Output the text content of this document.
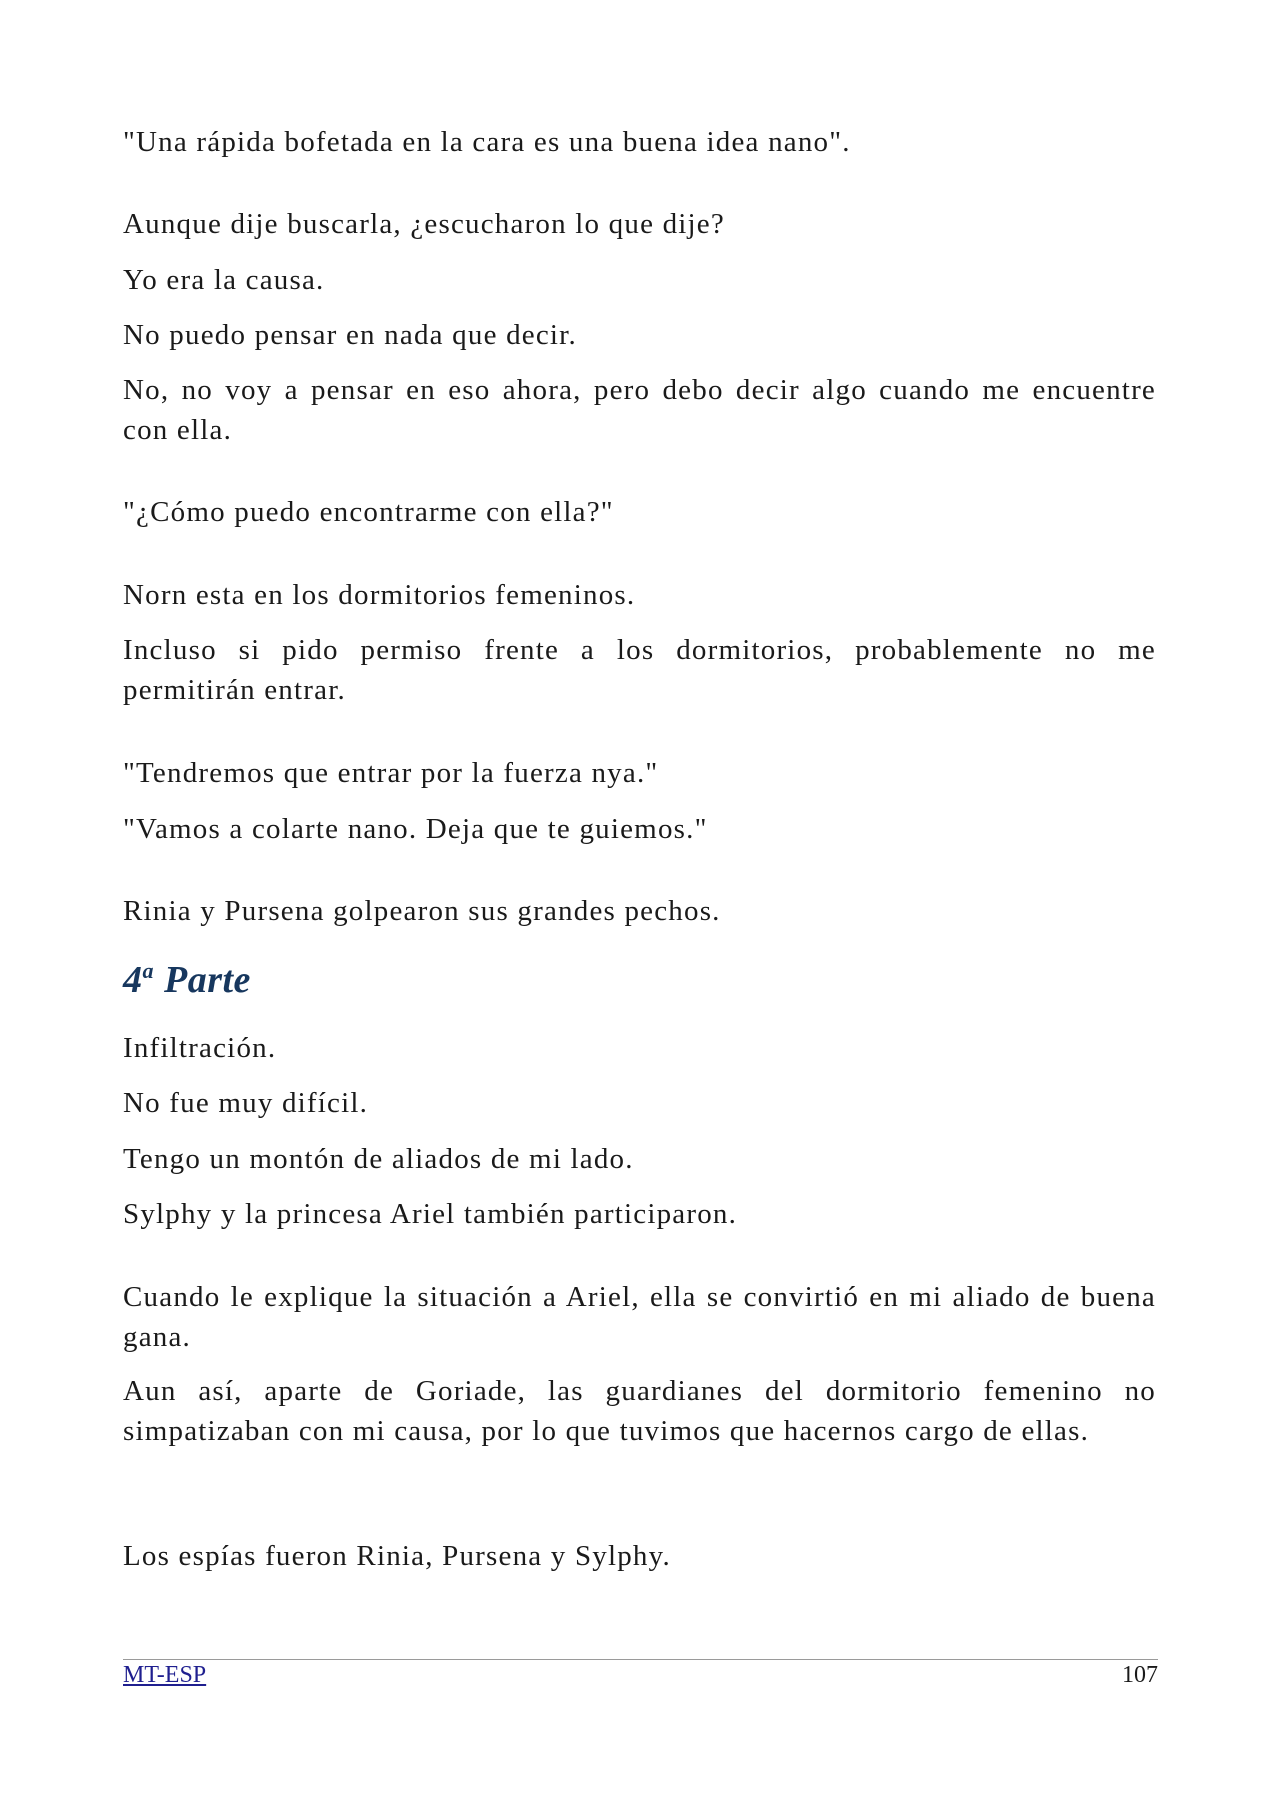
"Una rápida bofetada en la cara es una buena idea nano".

Aunque dije buscarla, ¿escucharon lo que dije?

Yo era la causa.

No puedo pensar en nada que decir.

No, no voy a pensar en eso ahora, pero debo decir algo cuando me encuentre con ella.

"¿Cómo puedo encontrarme con ella?"

Norn esta en los dormitorios femeninos.

Incluso si pido permiso frente a los dormitorios, probablemente no me permitirán entrar.

"Tendremos que entrar por la fuerza nya."

"Vamos a colarte nano. Deja que te guiemos."

Rinia y Pursena golpearon sus grandes pechos.

4$^a$ Parte

Infiltración.

No fue muy difícil.

Tengo un montón de aliados de mi lado.

Sylphy y la princesa Ariel también participaron.

Cuando le explique la situación a Ariel, ella se convirtió en mi aliado de buena gana.

Aun así, aparte de Goriade, las guardianes del dormitorio femenino no simpatizaban con mi causa, por lo que tuvimos que hacernos cargo de ellas.

Los espías fueron Rinia, Pursena y Sylphy.

MT-ESP	107
